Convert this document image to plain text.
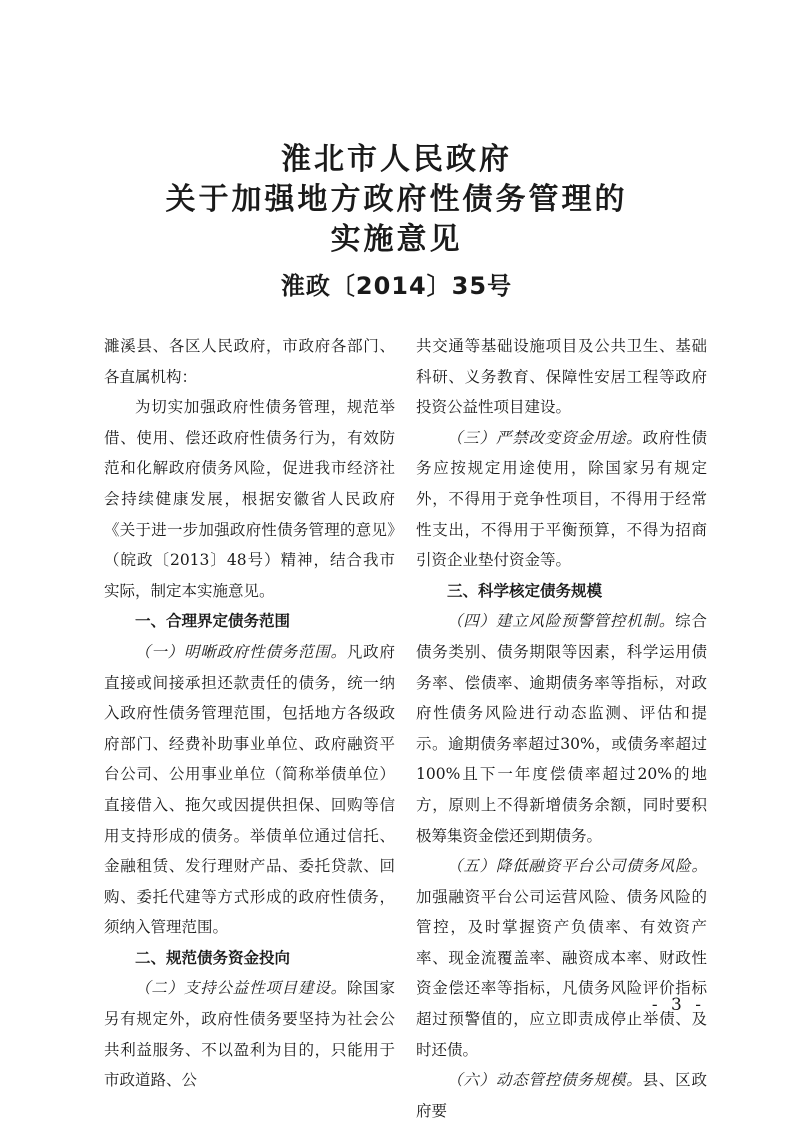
淮北市人民政府
关于加强地方政府性债务管理的
实施意见
淮政〔2014〕35号

濉溪县、各区人民政府，市政府各部门、各直属机构：

为切实加强政府性债务管理，规范举借、使用、偿还政府性债务行为，有效防范和化解政府债务风险，促进我市经济社会持续健康发展，根据安徽省人民政府《关于进一步加强政府性债务管理的意见》（皖政〔2013〕48号）精神，结合我市实际，制定本实施意见。

一、合理界定债务范围

（一）明晰政府性债务范围。凡政府直接或间接承担还款责任的债务，统一纳入政府性债务管理范围，包括地方各级政府部门、经费补助事业单位、政府融资平台公司、公用事业单位（简称举债单位）直接借入、拖欠或因提供担保、回购等信用支持形成的债务。举债单位通过信托、金融租赁、发行理财产品、委托贷款、回购、委托代建等方式形成的政府性债务，须纳入管理范围。

二、规范债务资金投向

（二）支持公益性项目建设。除国家另有规定外，政府性债务要坚持为社会公共利益服务、不以盈利为目的，只能用于市政道路、公

共交通等基础设施项目及公共卫生、基础科研、义务教育、保障性安居工程等政府投资公益性项目建设。

（三）严禁改变资金用途。政府性债务应按规定用途使用，除国家另有规定外，不得用于竞争性项目，不得用于经常性支出，不得用于平衡预算，不得为招商引资企业垫付资金等。

三、科学核定债务规模

（四）建立风险预警管控机制。综合债务类别、债务期限等因素，科学运用债务率、偿债率、逾期债务率等指标，对政府性债务风险进行动态监测、评估和提示。逾期债务率超过30%，或债务率超过100%且下一年度偿债率超过20%的地方，原则上不得新增债务余额，同时要积极筹集资金偿还到期债务。

（五）降低融资平台公司债务风险。加强融资平台公司运营风险、债务风险的管控，及时掌握资产负债率、有效资产率、现金流覆盖率、融资成本率、财政性资金偿还率等指标，凡债务风险评价指标超过预警值的，应立即责成停止举债、及时还债。

（六）动态管控债务规模。县、区政府要

- 3 -
